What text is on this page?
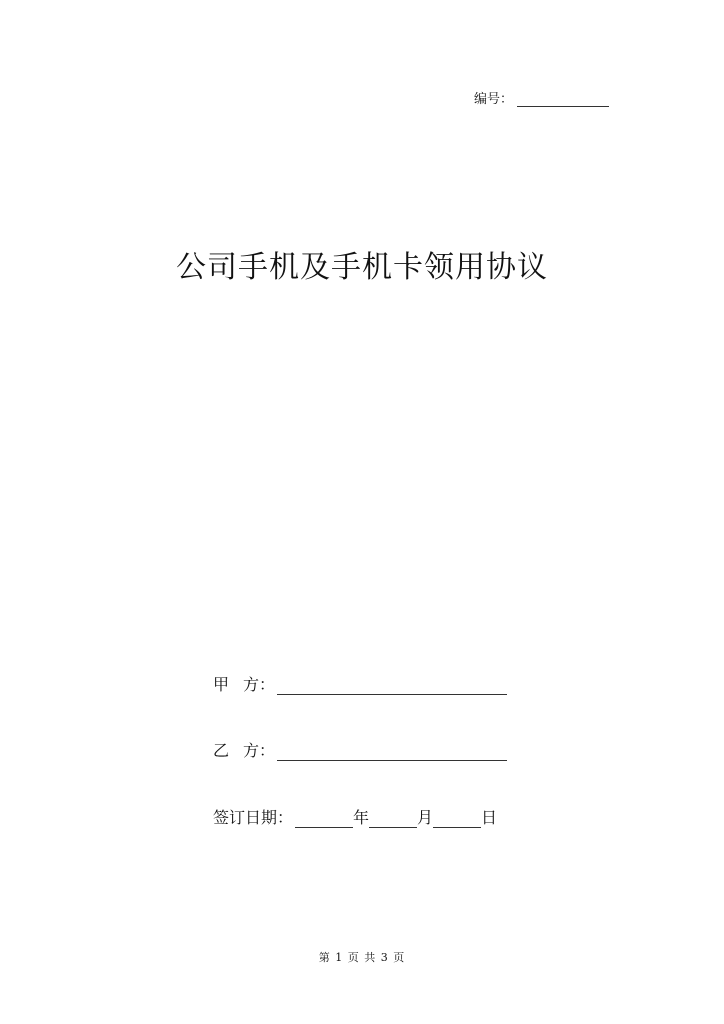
编号：
公司手机及手机卡领用协议
甲 方：
乙 方：
签订日期：	年	月	日
第 1 页 共 3 页
